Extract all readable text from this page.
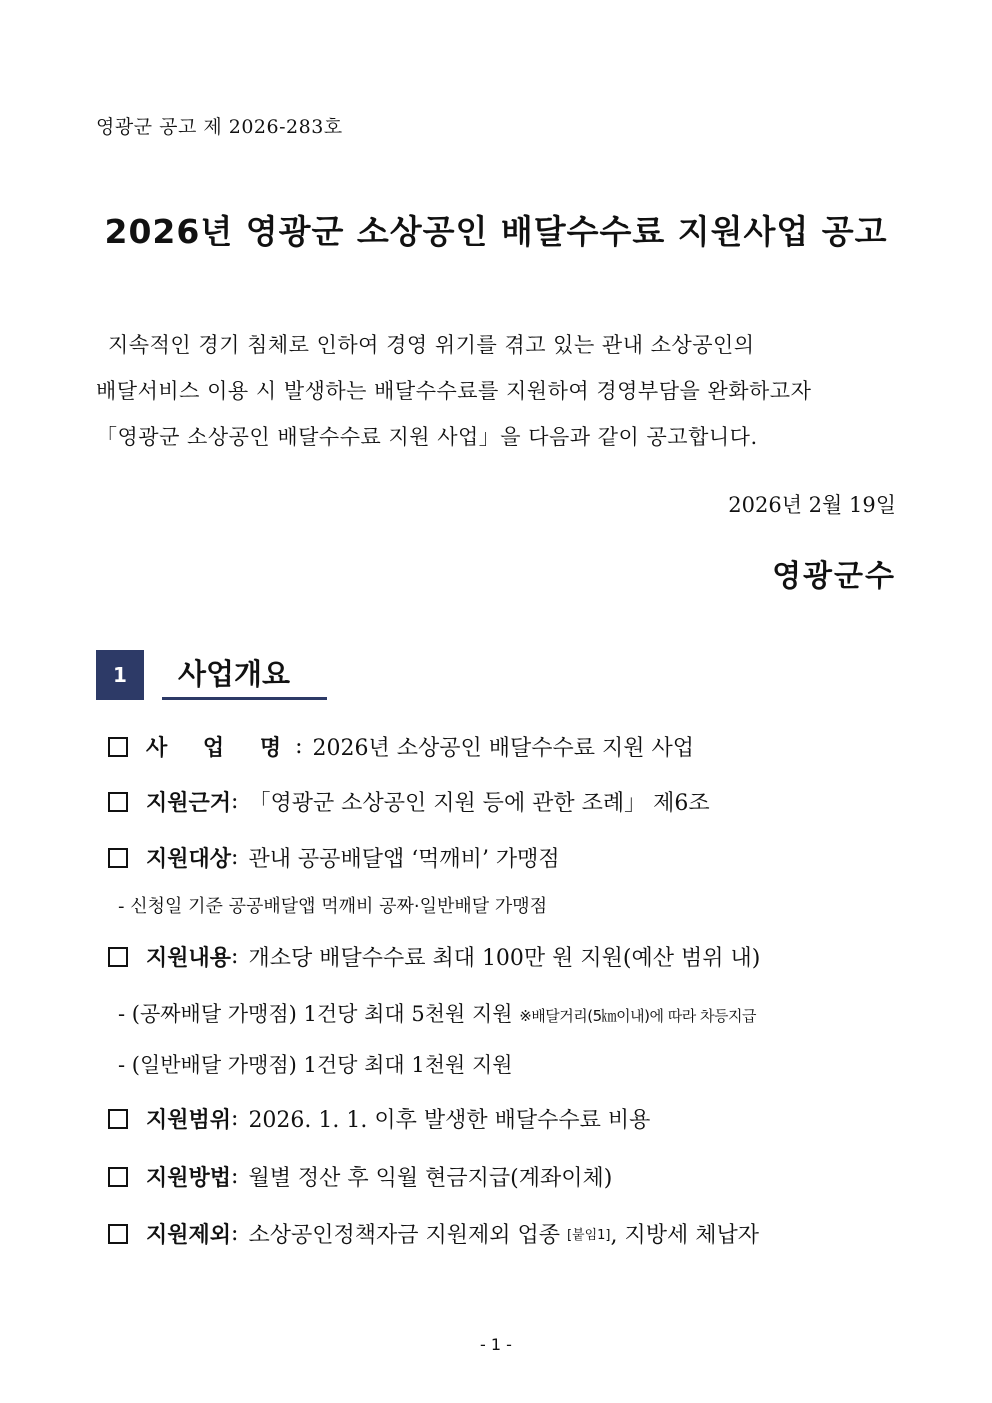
영광군 공고 제 2026-283호
2026년 영광군 소상공인 배달수수료 지원사업 공고
지속적인 경기 침체로 인하여 경영 위기를 겪고 있는 관내 소상공인의
배달서비스 이용 시 발생하는 배달수수료를 지원하여 경영부담을 완화하고자
「영광군 소상공인 배달수수료 지원 사업」을 다음과 같이 공고합니다.
2026년 2월 19일
영광군수
1	사업개요
사 업 명 : 2026년 소상공인 배달수수료 지원 사업
지원근거 : 「영광군 소상공인 지원 등에 관한 조례」 제6조
지원대상 : 관내 공공배달앱 ‘먹깨비’ 가맹점
- 신청일 기준 공공배달앱 먹깨비 공짜·일반배달 가맹점
지원내용 : 개소당 배달수수료 최대 100만 원 지원(예산 범위 내)
- (공짜배달 가맹점) 1건당 최대 5천원 지원 ※배달거리(5㎞이내)에 따라 차등지급
- (일반배달 가맹점) 1건당 최대 1천원 지원
지원범위 : 2026. 1. 1. 이후 발생한 배달수수료 비용
지원방법 : 월별 정산 후 익월 현금지급(계좌이체)
지원제외 : 소상공인정책자금 지원제외 업종
[붙임1] , 지방세 체납자
- 1 -
